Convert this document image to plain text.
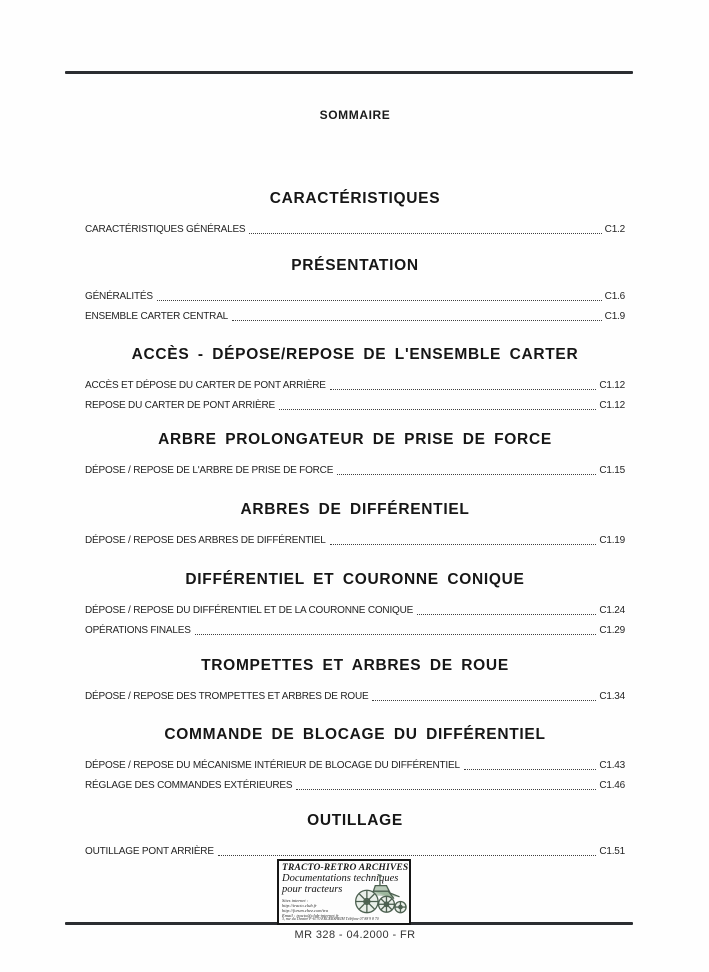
SOMMAIRE
CARACTÉRISTIQUES
CARACTÉRISTIQUES GÉNÉRALES	C1.2
PRÉSENTATION
GÉNÉRALITÉS	C1.6
ENSEMBLE CARTER CENTRAL	C1.9
ACCÈS - DÉPOSE/REPOSE DE L'ENSEMBLE CARTER
ACCÈS ET DÉPOSE DU CARTER DE PONT ARRIÈRE	C1.12
REPOSE DU CARTER DE PONT ARRIÈRE	C1.12
ARBRE PROLONGATEUR DE PRISE DE FORCE
DÉPOSE / REPOSE DE L'ARBRE DE PRISE DE FORCE	C1.15
ARBRES DE DIFFÉRENTIEL
DÉPOSE / REPOSE DES ARBRES DE DIFFÉRENTIEL	C1.19
DIFFÉRENTIEL ET COURONNE CONIQUE
DÉPOSE / REPOSE DU DIFFÉRENTIEL ET DE LA COURONNE CONIQUE	C1.24
OPÉRATIONS FINALES	C1.29
TROMPETTES ET ARBRES DE ROUE
DÉPOSE / REPOSE DES TROMPETTES ET ARBRES DE ROUE	C1.34
COMMANDE DE BLOCAGE DU DIFFÉRENTIEL
DÉPOSE / REPOSE DU MÉCANISME INTÉRIEUR DE BLOCAGE DU DIFFÉRENTIEL	C1.43
RÉGLAGE DES COMMANDES EXTÉRIEURES	C1.46
OUTILLAGE
OUTILLAGE PONT ARRIÈRE	C1.51
TRACTO-RETRO ARCHIVES
Documentations techniques
pour tracteurs
Sites internet :
http://tracto.club.fr
http://forum.chez.com/tra
Email : tracto@club-internet.fr
3, rue du Theatre F-6770 ERGERSHEIM Téléfone 07 88 9 8 70
MR 328 - 04.2000 - FR
